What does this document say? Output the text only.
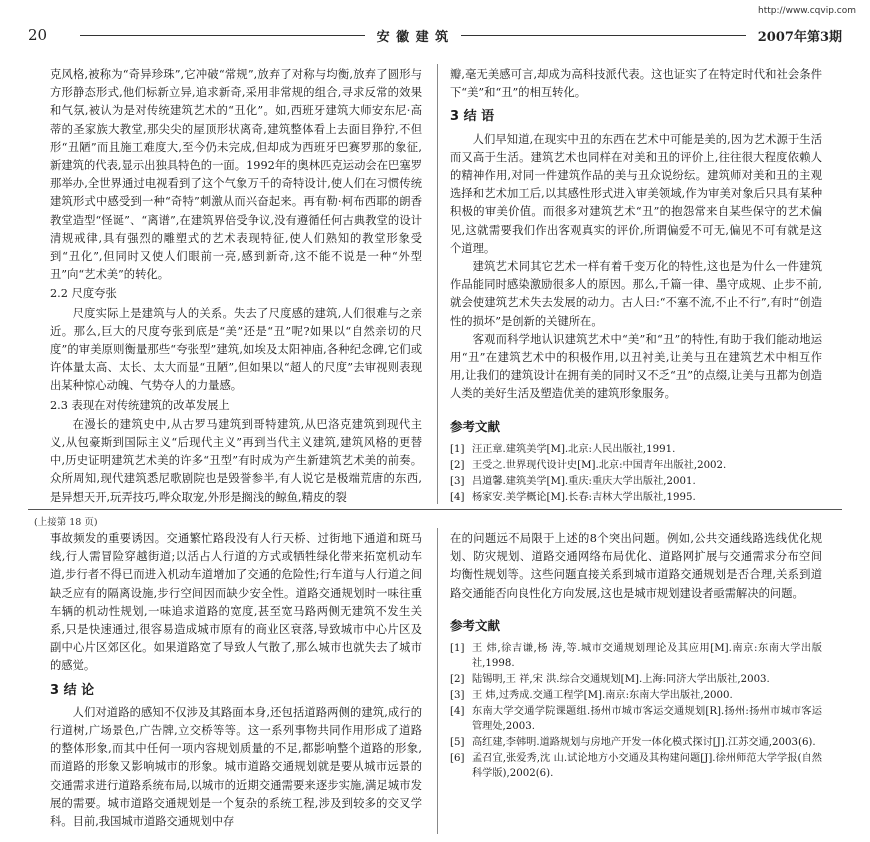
http://www.cqvip.com
20	安 徽 建 筑	2007年第3期

克风格,被称为“奇异珍珠”,它冲破“常规”,放弃了对称与均衡,放弃了圆形与方形静态形式,他们标新立异,追求新奇,采用非常规的组合,寻求反常的效果和气氛,被认为是对传统建筑艺术的“丑化”。如,西班牙建筑大师安东尼·高蒂的圣家族大教堂,那尖尖的屋顶形状离奇,建筑整体看上去面目狰狞,不但形“丑陋”而且施工难度大,至今仍未完成,但却成为西班牙巴赛罗那的象征,新建筑的代表,显示出独具特色的一面。1992年的奥林匹克运动会在巴塞罗那举办,全世界通过电视看到了这个气象万千的奇特设计,使人们在习惯传统建筑形式中感受到一种“奇特”刺激从而兴奋起来。再有勒·柯布西耶的朗香教堂造型“怪诞”、“离谱”,在建筑界倍受争议,没有遵循任何古典教堂的设计清规戒律,具有强烈的雕塑式的艺术表现特征,使人们熟知的教堂形象受到“丑化”,但同时又使人们眼前一亮,感到新奇,这不能不说是一种“外型丑”向“艺术美”的转化。

2.2 尺度夸张

尺度实际上是建筑与人的关系。失去了尺度感的建筑,人们很难与之亲近。那么,巨大的尺度夸张到底是“美”还是“丑”呢?如果以“自然亲切的尺度”的审美原则衡量那些“夸张型”建筑,如埃及太阳神庙,各种纪念碑,它们或许体量太高、太长、太大而显“丑陋”,但如果以“超人的尺度”去审视则表现出某种惊心动魄、气势夺人的力量感。

2.3 表现在对传统建筑的改革发展上

在漫长的建筑史中,从古罗马建筑到哥特建筑,从巴洛克建筑到现代主义,从包豪斯到国际主义“后现代主义”再到当代主义建筑,建筑风格的更替中,历史证明建筑艺术美的许多“丑型”有时成为产生新建筑艺术美的前奏。众所周知,现代建筑悉尼歌剧院也是毁誉参半,有人说它是极端荒唐的东西,是异想天开,玩弄技巧,哗众取宠,外形是搁浅的鲸鱼,精皮的裂

瓣,毫无美感可言,却成为高科技派代表。这也证实了在特定时代和社会条件下“美”和“丑”的相互转化。

3 结 语

人们早知道,在现实中丑的东西在艺术中可能是美的,因为艺术源于生活而又高于生活。建筑艺术也同样在对美和丑的评价上,往往很大程度依赖人的精神作用,对同一件建筑作品的美与丑众说纷纭。建筑师对美和丑的主观选择和艺术加工后,以其感性形式进入审美领域,作为审美对象后只具有某种积极的审美价值。而很多对建筑艺术“丑”的抱怨常来自某些保守的艺术偏见,这就需要我们作出客观真实的评价,所谓偏爱不可无,偏见不可有就是这个道理。

建筑艺术同其它艺术一样有着千变万化的特性,这也是为什么一件建筑作品能同时感染激励很多人的原因。那么,千篇一律、墨守成规、止步不前,就会使建筑艺术失去发展的动力。古人曰:“不塞不流,不止不行”,有时“创造性的损坏”是创新的关键所在。

客观而科学地认识建筑艺术中“美”和“丑”的特性,有助于我们能动地运用“丑”在建筑艺术中的积极作用,以丑衬美,让美与丑在建筑艺术中相互作用,让我们的建筑设计在拥有美的同时又不乏“丑”的点缀,让美与丑都为创造人类的美好生活及塑造优美的建筑形象服务。

参考文献
[1] 汪正章.建筑美学[M].北京:人民出版社,1991.
[2] 王受之.世界现代设计史[M].北京:中国青年出版社,2002.
[3] 吕道馨.建筑美学[M].重庆:重庆大学出版社,2001.
[4] 杨家安.美学概论[M].长春:吉林大学出版社,1995.
(上接第 18 页)

事故频发的重要诱因。交通繁忙路段没有人行天桥、过街地下通道和斑马线,行人需冒险穿越街道;以活占人行道的方式或牺牲绿化带来拓宽机动车道,步行者不得已而进入机动车道增加了交通的危险性;行车道与人行道之间缺乏应有的隔离设施,步行空间因而缺少安全性。道路交通规划时一味往重车辆的机动性规划,一味追求道路的宽度,甚至宽马路两侧无建筑不发生关系,只是快速通过,很容易造成城市原有的商业区衰落,导致城市中心片区及副中心片区郊区化。如果道路宽了导致人气散了,那么城市也就失去了城市的感觉。

3 结 论

人们对道路的感知不仅涉及其路面本身,还包括道路两侧的建筑,成行的行道树,广场景色,广告牌,立交桥等等。这一系列事物共同作用形成了道路的整体形象,而其中任何一项内容规划质量的不足,都影响整个道路的形象,而道路的形象又影响城市的形象。城市道路交通规划就是要从城市远景的交通需求进行道路系统布局,以城市的近期交通需要来逐步实施,满足城市发展的需要。城市道路交通规划是一个复杂的系统工程,涉及到较多的交叉学科。目前,我国城市道路交通规划中存

在的问题远不局限于上述的8个突出问题。例如,公共交通线路选线优化规划、防灾规划、道路交通网络布局优化、道路网扩展与交通需求分布空间均衡性规划等。这些问题直接关系到城市道路交通规划是否合理,关系到道路交通能否向良性化方向发展,这也是城市规划建设者亟需解决的问题。

参考文献
[1] 王 炜,徐吉谦,杨 涛,等.城市交通规划理论及其应用[M].南京:东南大学出版社,1998.
[2] 陆锡明,王 祥,宋 洪.综合交通规划[M].上海:同济大学出版社,2003.
[3] 王 炜,过秀成.交通工程学[M].南京:东南大学出版社,2000.
[4] 东南大学交通学院课题组.扬州市城市客运交通规划[R].扬州:扬州市城市客运管理处,2003.
[5] 高红建,李韩明.道路规划与房地产开发一体化模式探讨[J].江苏交通,2003(6).
[6] 孟召宜,张爱秀,沈 山.试论地方小交通及其构建问题[J].徐州师范大学学报(自然科学版),2002(6).
